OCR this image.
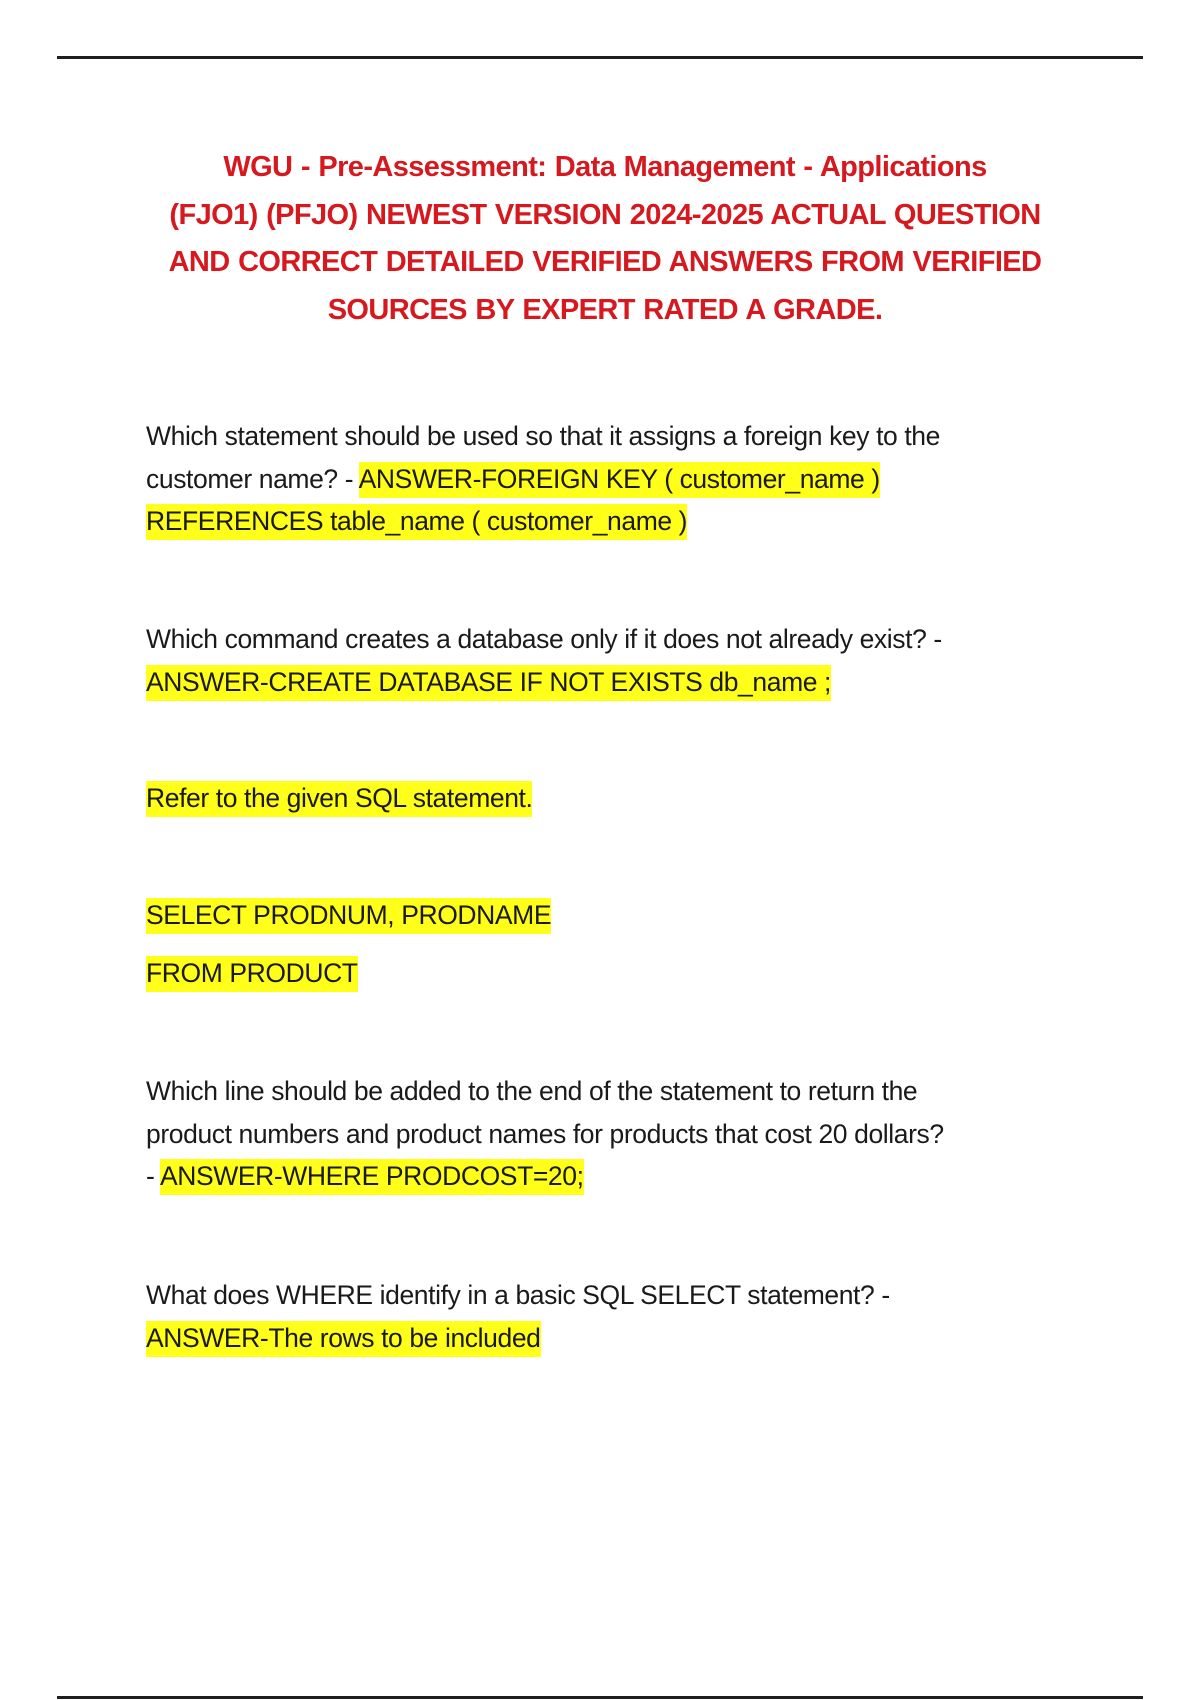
WGU - Pre-Assessment: Data Management - Applications
(FJO1) (PFJO) NEWEST VERSION 2024-2025 ACTUAL QUESTION
AND CORRECT DETAILED VERIFIED ANSWERS FROM VERIFIED
SOURCES BY EXPERT RATED A GRADE.
Which statement should be used so that it assigns a foreign key to the
customer name? - ANSWER-FOREIGN KEY ( customer_name )
REFERENCES table_name ( customer_name )
Which command creates a database only if it does not already exist? -
ANSWER-CREATE DATABASE IF NOT EXISTS db_name ;
Refer to the given SQL statement.
SELECT PRODNUM, PRODNAME
FROM PRODUCT
Which line should be added to the end of the statement to return the
product numbers and product names for products that cost 20 dollars?
- ANSWER-WHERE PRODCOST=20;
What does WHERE identify in a basic SQL SELECT statement? -
ANSWER-The rows to be included
